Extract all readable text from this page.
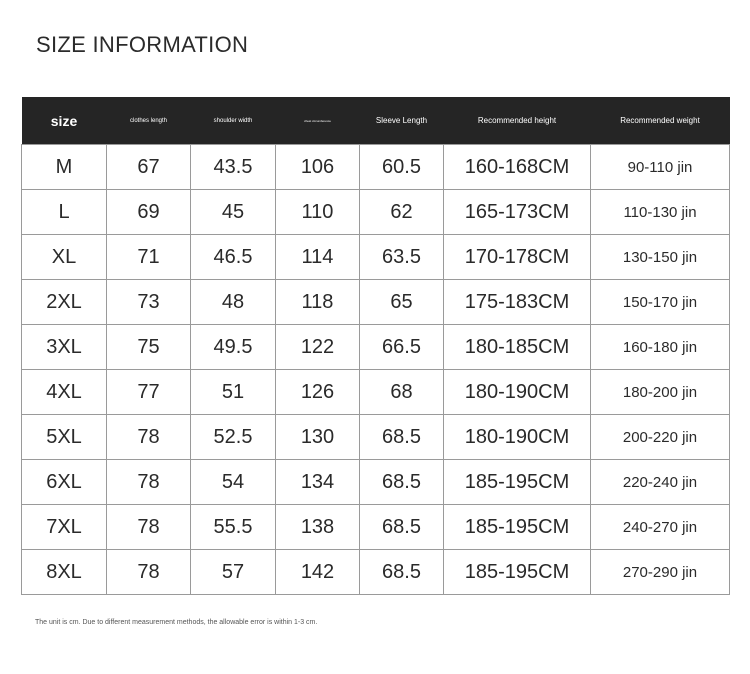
SIZE INFORMATION
size	clothes length	shoulder width	chest circumference	Sleeve Length	Recommended height	Recommended weight
M	67	43.5	106	60.5	160-168CM	90-110 jin
L	69	45	110	62	165-173CM	110-130 jin
XL	71	46.5	114	63.5	170-178CM	130-150 jin
2XL	73	48	118	65	175-183CM	150-170 jin
3XL	75	49.5	122	66.5	180-185CM	160-180 jin
4XL	77	51	126	68	180-190CM	180-200 jin
5XL	78	52.5	130	68.5	180-190CM	200-220 jin
6XL	78	54	134	68.5	185-195CM	220-240 jin
7XL	78	55.5	138	68.5	185-195CM	240-270 jin
8XL	78	57	142	68.5	185-195CM	270-290 jin
The unit is cm. Due to different measurement methods, the allowable error is within 1-3 cm.
